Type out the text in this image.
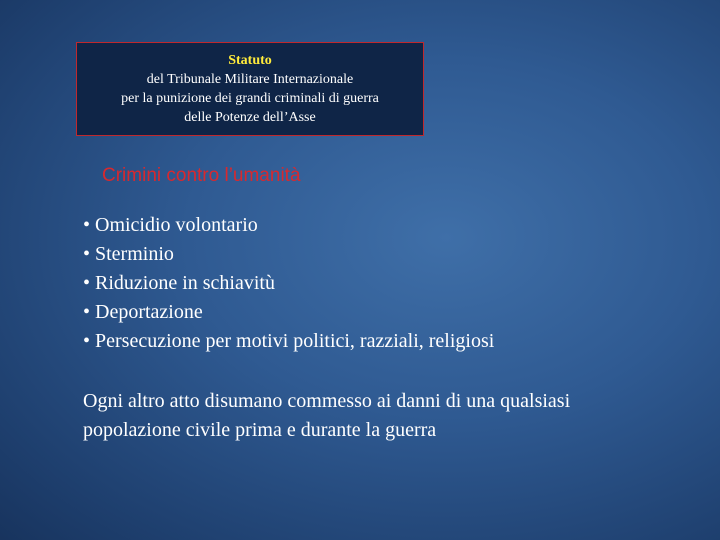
Statuto
del Tribunale Militare Internazionale
per la punizione dei grandi criminali di guerra
delle Potenze dell’Asse
Crimini contro l’umanità
• Omicidio volontario
• Sterminio
• Riduzione in schiavitù
• Deportazione
• Persecuzione per motivi politici, razziali, religiosi
Ogni altro atto disumano commesso ai danni di una qualsiasi
popolazione civile prima e durante la guerra
